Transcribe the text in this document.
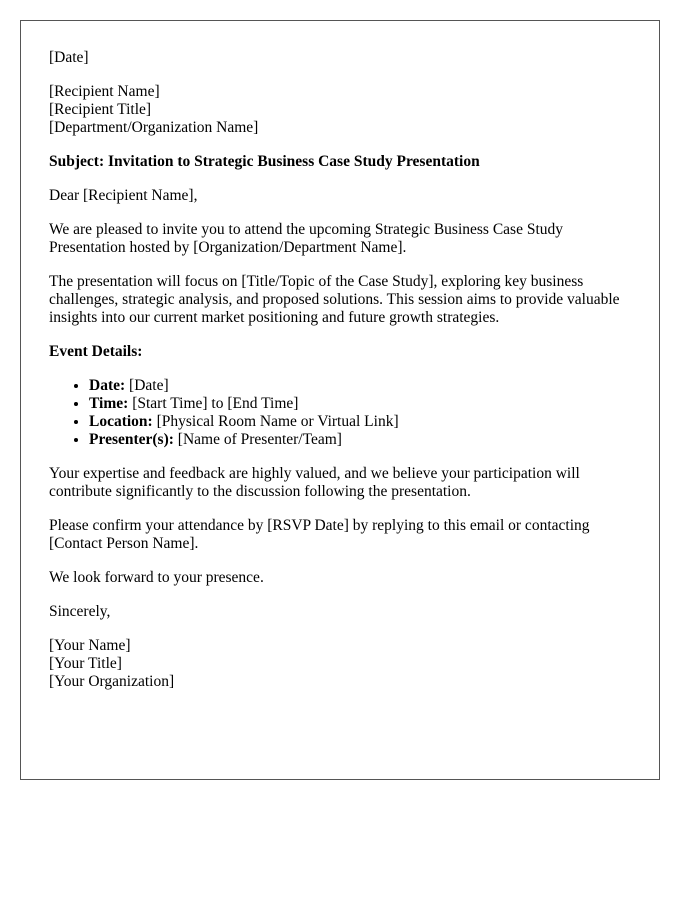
[Date]

[Recipient Name]
[Recipient Title]
[Department/Organization Name]

Subject: Invitation to Strategic Business Case Study Presentation

Dear [Recipient Name],

We are pleased to invite you to attend the upcoming Strategic Business Case Study Presentation hosted by [Organization/Department Name].

The presentation will focus on [Title/Topic of the Case Study], exploring key business challenges, strategic analysis, and proposed solutions. This session aims to provide valuable insights into our current market positioning and future growth strategies.

Event Details:

• Date: [Date]
• Time: [Start Time] to [End Time]
• Location: [Physical Room Name or Virtual Link]
• Presenter(s): [Name of Presenter/Team]

Your expertise and feedback are highly valued, and we believe your participation will contribute significantly to the discussion following the presentation.

Please confirm your attendance by [RSVP Date] by replying to this email or contacting [Contact Person Name].

We look forward to your presence.

Sincerely,

[Your Name]
[Your Title]
[Your Organization]
